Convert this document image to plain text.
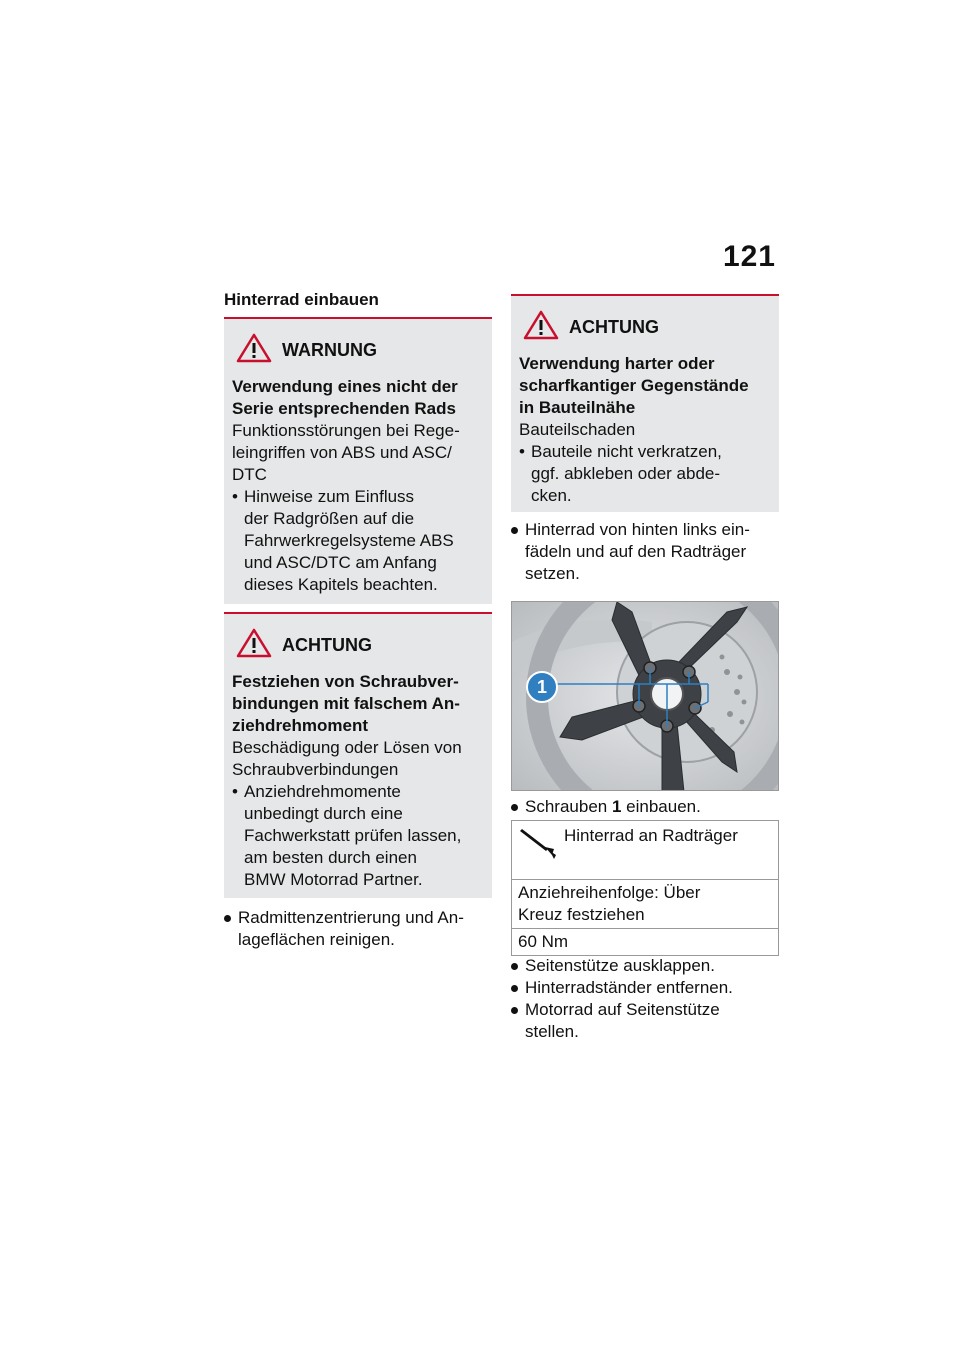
121
Hinterrad einbauen
WARNUNG
Verwendung eines nicht der
Serie entsprechenden Rads
Funktionsstörungen bei Rege-
leingriffen von ABS und ASC/
DTC
• Hinweise zum Einfluss
der Radgrößen auf die
Fahrwerkregelsysteme ABS
und ASC/DTC am Anfang
dieses Kapitels beachten.
ACHTUNG
Festziehen von Schraubver-
bindungen mit falschem An-
ziehdrehmoment
Beschädigung oder Lösen von
Schraubverbindungen
• Anziehdrehmomente
unbedingt durch eine
Fachwerkstatt prüfen lassen,
am besten durch einen
BMW Motorrad Partner.
Radmittenzentrierung und An-
lageflächen reinigen.
ACHTUNG
Verwendung harter oder
scharfkantiger Gegenstände
in Bauteilnähe
Bauteilschaden
• Bauteile nicht verkratzen,
ggf. abkleben oder abde-
cken.
Hinterrad von hinten links ein-
fädeln und auf den Radträger
setzen.
1
Schrauben 1 einbauen.
Hinterrad an Radträger
Anziehreihenfolge: Über
Kreuz festziehen
60 Nm
Seitenstütze ausklappen.
Hinterradständer entfernen.
Motorrad auf Seitenstütze
stellen.
